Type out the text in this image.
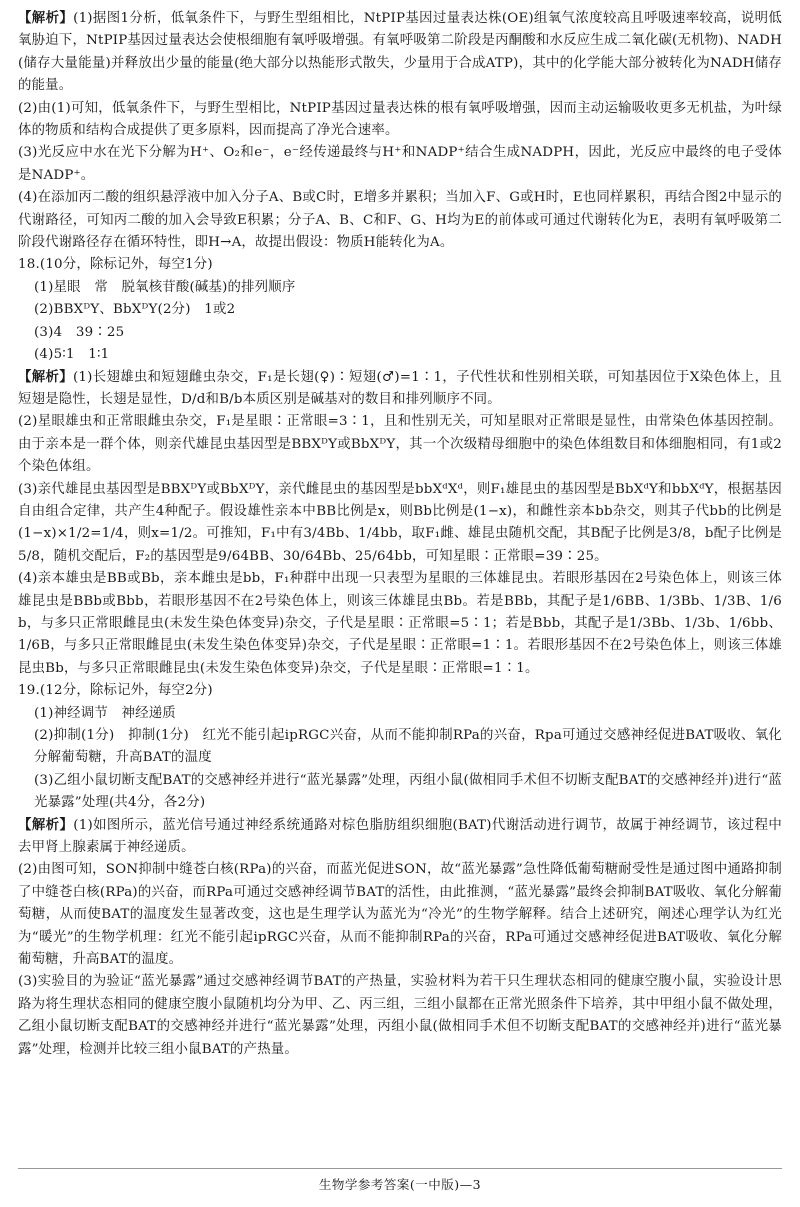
【解析】(1)据图1分析，低氧条件下，与野生型组相比，NtPIP基因过量表达株(OE)组氧气浓度较高且呼吸速率较高，说明低氧胁迫下，NtPIP基因过量表达会使根细胞有氧呼吸增强。有氧呼吸第二阶段是丙酮酸和水反应生成二氧化碳(无机物)、NADH(储存大量能量)并释放出少量的能量(绝大部分以热能形式散失，少量用于合成ATP)，其中的化学能大部分被转化为NADH储存的能量。

(2)由(1)可知，低氧条件下，与野生型相比，NtPIP基因过量表达株的根有氧呼吸增强，因而主动运输吸收更多无机盐，为叶绿体的物质和结构合成提供了更多原料，因而提高了净光合速率。

(3)光反应中水在光下分解为H⁺、O₂和e⁻，e⁻经传递最终与H⁺和NADP⁺结合生成NADPH，因此，光反应中最终的电子受体是NADP⁺。

(4)在添加丙二酸的组织悬浮液中加入分子A、B或C时，E增多并累积；当加入F、G或H时，E也同样累积，再结合图2中显示的代谢路径，可知丙二酸的加入会导致E积累；分子A、B、C和F、G、H均为E的前体或可通过代谢转化为E，表明有氧呼吸第二阶段代谢路径存在循环特性，即H→A，故提出假设：物质H能转化为A。

18.(10分，除标记外，每空1分)

(1)星眼　常　脱氧核苷酸(碱基)的排列顺序

(2)BBXᴰY、BbXᴰY(2分)　1或2

(3)4　39∶25

(4)5∶1　1∶1

【解析】(1)长翅雄虫和短翅雌虫杂交，F₁是长翅(♀)∶短翅(♂)=1∶1，子代性状和性别相关联，可知基因位于X染色体上，且短翅是隐性，长翅是显性，D/d和B/b本质区别是碱基对的数目和排列顺序不同。

(2)星眼雄虫和正常眼雌虫杂交，F₁是星眼∶正常眼=3∶1，且和性别无关，可知星眼对正常眼是显性，由常染色体基因控制。由于亲本是一群个体，则亲代雄昆虫基因型是BBXᴰY或BbXᴰY，其一个次级精母细胞中的染色体组数目和体细胞相同，有1或2个染色体组。

(3)亲代雄昆虫基因型是BBXᴰY或BbXᴰY，亲代雌昆虫的基因型是bbXᵈXᵈ，则F₁雄昆虫的基因型是BbXᵈY和bbXᵈY，根据基因自由组合定律，共产生4种配子。假设雄性亲本中BB比例是x，则Bb比例是(1−x)，和雌性亲本bb杂交，则其子代bb的比例是(1−x)×1/2=1/4，则x=1/2。可推知，F₁中有3/4Bb、1/4bb，取F₁雌、雄昆虫随机交配，其B配子比例是3/8，b配子比例是5/8，随机交配后，F₂的基因型是9/64BB、30/64Bb、25/64bb，可知星眼∶正常眼=39∶25。

(4)亲本雄虫是BB或Bb，亲本雌虫是bb，F₁种群中出现一只表型为星眼的三体雄昆虫。若眼形基因在2号染色体上，则该三体雄昆虫是BBb或Bbb，若眼形基因不在2号染色体上，则该三体雄昆虫Bb。若是BBb，其配子是1/6BB、1/3Bb、1/3B、1/6b，与多只正常眼雌昆虫(未发生染色体变异)杂交，子代是星眼∶正常眼=5∶1；若是Bbb，其配子是1/3Bb、1/3b、1/6bb、1/6B，与多只正常眼雌昆虫(未发生染色体变异)杂交，子代是星眼∶正常眼=1∶1。若眼形基因不在2号染色体上，则该三体雄昆虫Bb，与多只正常眼雌昆虫(未发生染色体变异)杂交，子代是星眼∶正常眼=1∶1。

19.(12分，除标记外，每空2分)

(1)神经调节　神经递质

(2)抑制(1分)　抑制(1分)　红光不能引起ipRGC兴奋，从而不能抑制RPa的兴奋，Rpa可通过交感神经促进BAT吸收、氧化分解葡萄糖，升高BAT的温度

(3)乙组小鼠切断支配BAT的交感神经并进行“蓝光暴露”处理，丙组小鼠(做相同手术但不切断支配BAT的交感神经并)进行“蓝光暴露”处理(共4分，各2分)

【解析】(1)如图所示，蓝光信号通过神经系统通路对棕色脂肪组织细胞(BAT)代谢活动进行调节，故属于神经调节，该过程中去甲肾上腺素属于神经递质。

(2)由图可知，SON抑制中缝苍白核(RPa)的兴奋，而蓝光促进SON，故“蓝光暴露”急性降低葡萄糖耐受性是通过图中通路抑制了中缝苍白核(RPa)的兴奋，而RPa可通过交感神经调节BAT的活性，由此推测，“蓝光暴露”最终会抑制BAT吸收、氧化分解葡萄糖，从而使BAT的温度发生显著改变，这也是生理学认为蓝光为“冷光”的生物学解释。结合上述研究，阐述心理学认为红光为“暖光”的生物学机理：红光不能引起ipRGC兴奋，从而不能抑制RPa的兴奋，RPa可通过交感神经促进BAT吸收、氧化分解葡萄糖，升高BAT的温度。

(3)实验目的为验证“蓝光暴露”通过交感神经调节BAT的产热量，实验材料为若干只生理状态相同的健康空腹小鼠，实验设计思路为将生理状态相同的健康空腹小鼠随机均分为甲、乙、丙三组，三组小鼠都在正常光照条件下培养，其中甲组小鼠不做处理，乙组小鼠切断支配BAT的交感神经并进行“蓝光暴露”处理，丙组小鼠(做相同手术但不切断支配BAT的交感神经并)进行“蓝光暴露”处理，检测并比较三组小鼠BAT的产热量。

生物学参考答案(一中版)—3
